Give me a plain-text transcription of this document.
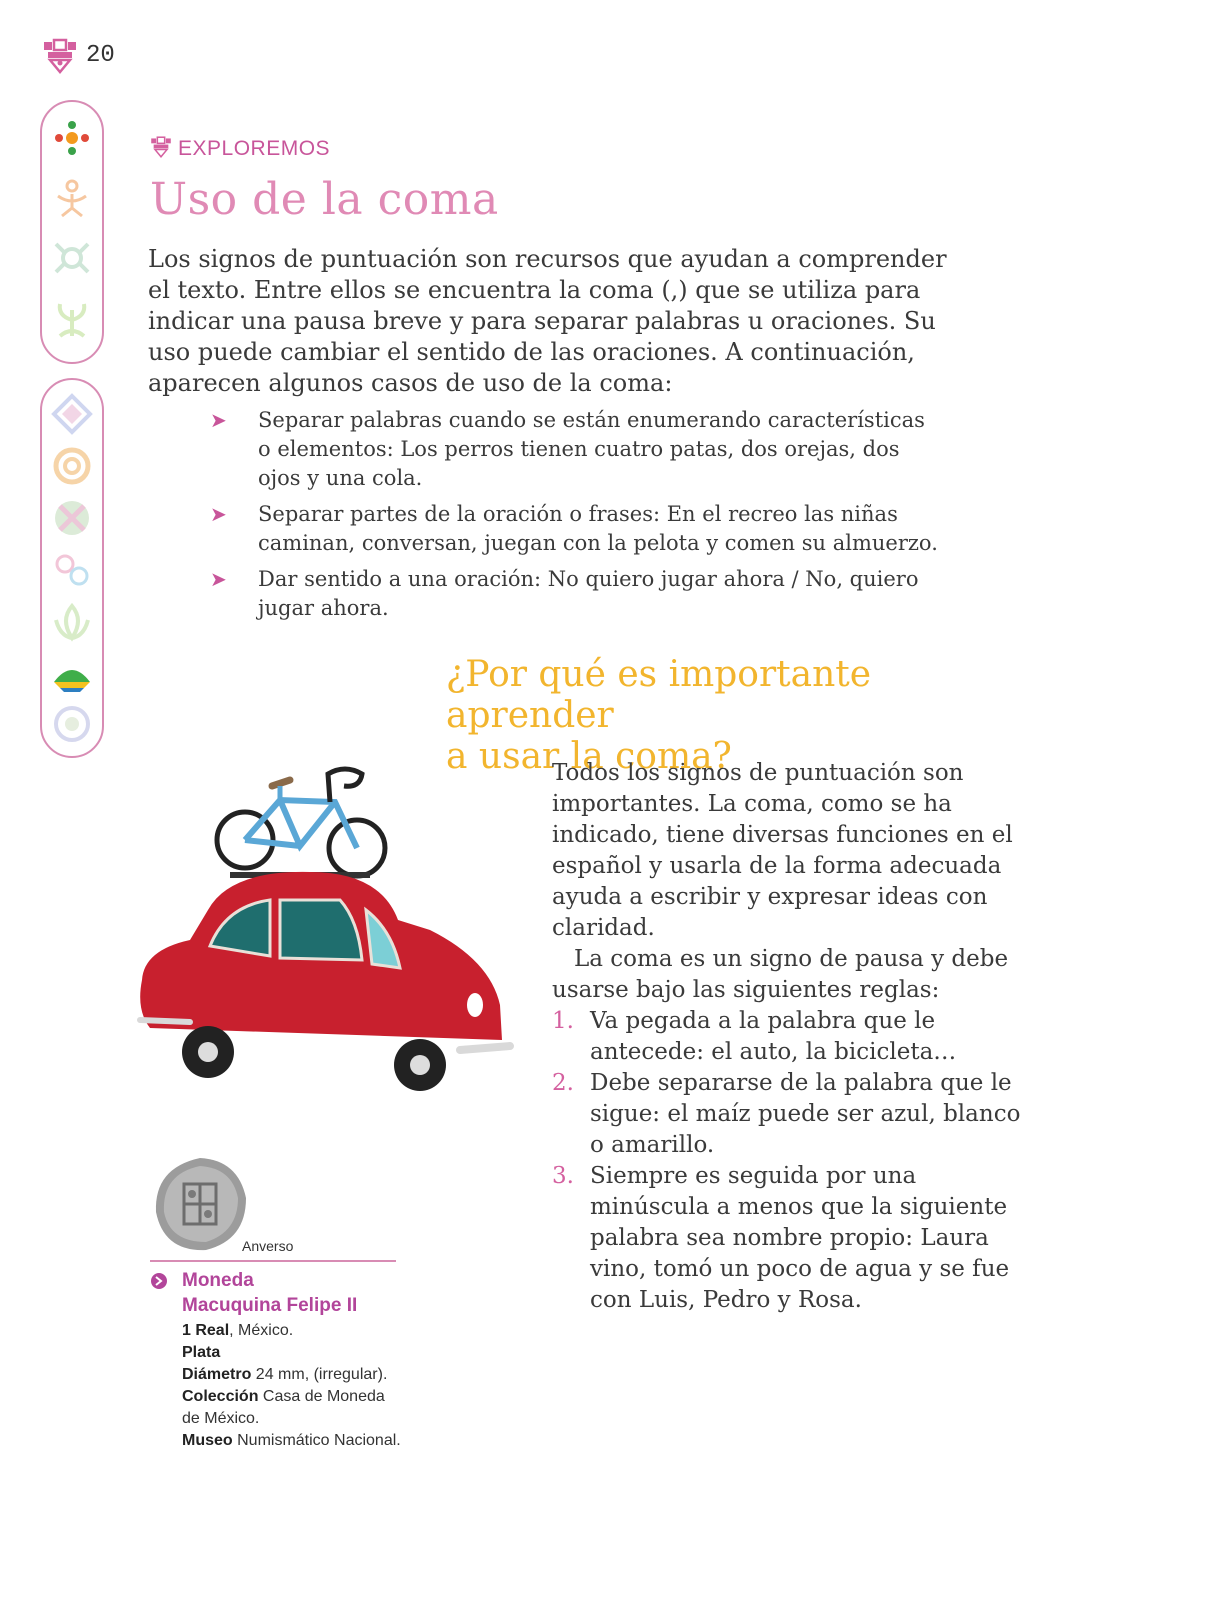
20
EXPLOREMOS
Uso de la coma
Los signos de puntuación son recursos que ayudan a comprender el texto. Entre ellos se encuentra la coma (,) que se utiliza para indicar una pausa breve y para separar palabras u oraciones. Su uso puede cambiar el sentido de las oraciones. A continuación, aparecen algunos casos de uso de la coma:
➤ Separar palabras cuando se están enumerando características o elementos: Los perros tienen cuatro patas, dos orejas, dos ojos y una cola.
➤ Separar partes de la oración o frases: En el recreo las niñas caminan, conversan, juegan con la pelota y comen su almuerzo.
➤ Dar sentido a una oración: No quiero jugar ahora / No, quiero jugar ahora.
¿Por qué es importante aprender
a usar la coma?

Todos los signos de puntuación son importantes. La coma, como se ha indicado, tiene diversas funciones en el español y usarla de la forma adecuada ayuda a escribir y expresar ideas con claridad.

La coma es un signo de pausa y debe usarse bajo las siguientes reglas:

1. Va pegada a la palabra que le antecede: el auto, la bicicleta…
2. Debe separarse de la palabra que le sigue: el maíz puede ser azul, blanco o amarillo.
3. Siempre es seguida por una minúscula a menos que la siguiente palabra sea nombre propio: Laura vino, tomó un poco de agua y se fue con Luis, Pedro y Rosa.
Anverso
Moneda
Macuquina Felipe II
1 Real, México.
Plata
Diámetro 24 mm, (irregular).
Colección Casa de Moneda de México.
Museo Numismático Nacional.
